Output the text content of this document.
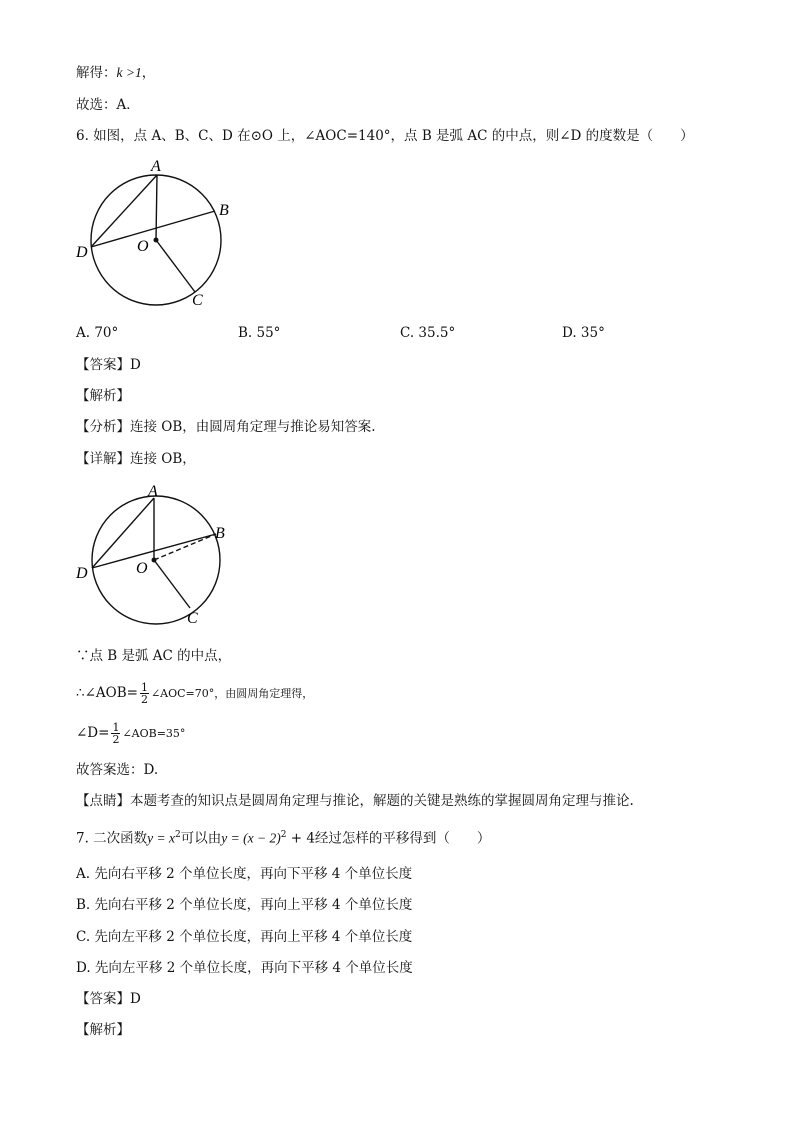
解得：k >1，
故选：A．
6. 如图，点 A、B、C、D 在⊙O 上，∠AOC=140°，点 B 是弧 AC 的中点，则∠D 的度数是（　　）
A
B
C
D	O
A. 70°	B. 55°	C. 35.5°	D. 35°
【答案】D
【解析】
【分析】连接 OB，由圆周角定理与推论易知答案.
【详解】连接 OB，
A
B
C
D	O
∵点 B 是弧 AC 的中点，
∴∠AOB= $\frac{1}{2}$ ∠AOC=70°，由圆周角定理得，
∠D= $\frac{1}{2}$ ∠AOB=35°
故答案选：D.
【点睛】本题考查的知识点是圆周角定理与推论，解题的关键是熟练的掌握圆周角定理与推论.
7. 二次函数$y = x^2$可以由$y = (x - 2)^2 + 4$经过怎样的平移得到（　　）
A. 先向右平移 2 个单位长度，再向下平移 4 个单位长度
B. 先向右平移 2 个单位长度，再向上平移 4 个单位长度
C. 先向左平移 2 个单位长度，再向上平移 4 个单位长度
D. 先向左平移 2 个单位长度，再向下平移 4 个单位长度
【答案】D
【解析】
